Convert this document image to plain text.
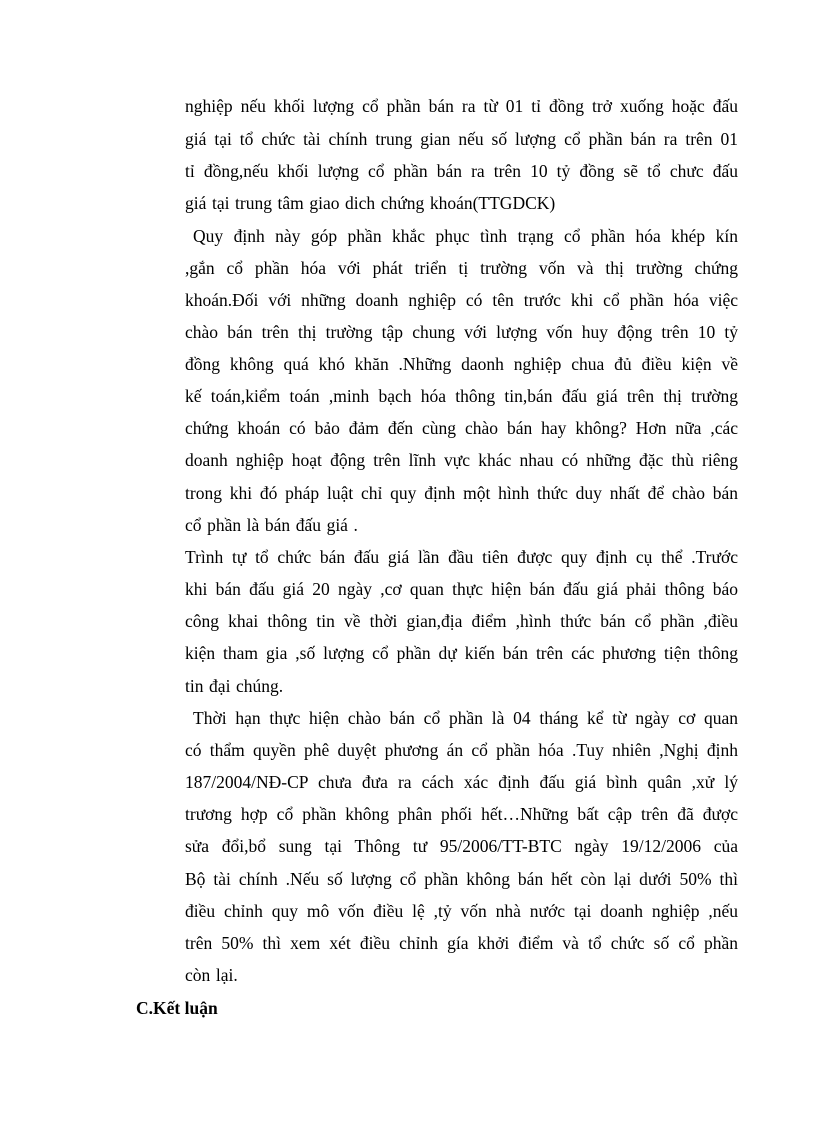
nghiệp nếu khối lượng cổ phần bán ra từ 01 tỉ đồng trở xuống hoặc đấu
giá tại tổ chức tài chính trung gian nếu số lượng cổ phần bán ra trên 01
tỉ đồng,nếu khối lượng cổ phần bán ra trên 10 tỷ đồng sẽ tổ chưc đấu
giá tại trung tâm giao dich chứng khoán(TTGDCK)
Quy định này góp phần khắc phục tình trạng cổ phần hóa khép kín
,gắn cổ phần hóa với phát triển tị trường vốn và thị trường chứng
khoán.Đối với những doanh nghiệp có tên trước khi cổ phần hóa việc
chào bán trên thị trường tập chung với lượng vốn huy động trên 10 tỷ
đồng không quá khó khăn .Những daonh nghiệp chua đủ điều kiện về
kế toán,kiểm toán ,minh bạch hóa thông tin,bán đấu giá trên thị trường
chứng khoán có bảo đảm đến cùng chào bán hay không? Hơn nữa ,các
doanh nghiệp hoạt động trên lĩnh vực khác nhau có những đặc thù riêng
trong khi đó pháp luật chỉ quy định một hình thức duy nhất để chào bán
cổ phần là bán đấu giá .
Trình tự tổ chức bán đấu giá lần đầu tiên được quy định cụ thể .Trước
khi bán đấu giá 20 ngày ,cơ quan thực hiện bán đấu giá phải thông báo
công khai thông tin về thời gian,địa điểm ,hình thức bán cổ phần ,điều
kiện tham gia ,số lượng cổ phần dự kiến bán trên các phương tiện thông
tin đại chúng.
Thời hạn thực hiện chào bán cổ phần là 04 tháng kể từ ngày cơ quan
có thẩm quyền phê duyệt phương án cổ phần hóa .Tuy nhiên ,Nghị định
187/2004/NĐ-CP chưa đưa ra cách xác định đấu giá bình quân ,xử lý
trương hợp cổ phần không phân phối hết…Những bất cập trên đã được
sửa đổi,bổ sung tại Thông tư 95/2006/TT-BTC ngày 19/12/2006 của
Bộ tài chính .Nếu số lượng cổ phần không bán hết còn lại dưới 50% thì
điều chỉnh quy mô vốn điều lệ ,tỷ vốn nhà nước tại doanh nghiệp ,nếu
trên 50% thì xem xét điều chỉnh gía khởi điểm và tổ chức số cổ phần
còn lại.
C.Kết luận
